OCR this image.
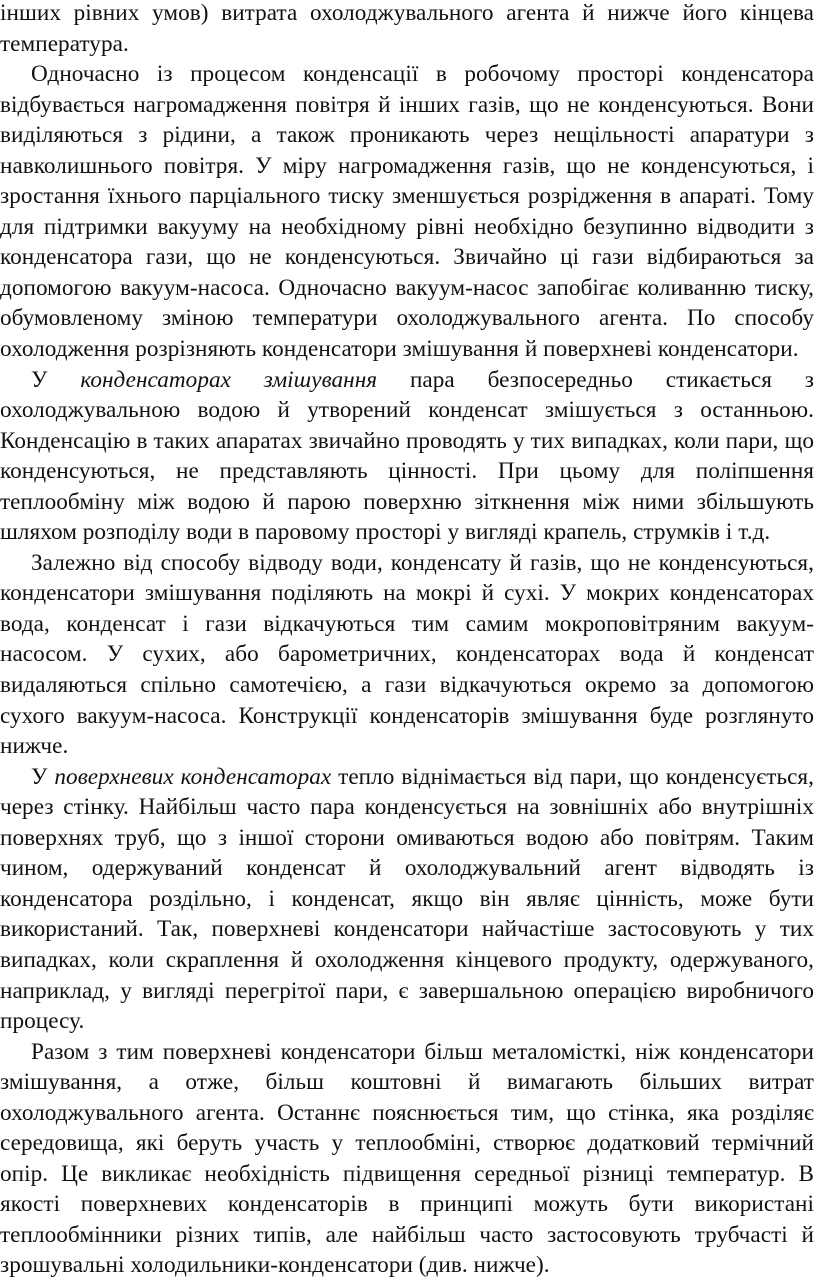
інших рівних умов) витрата охолоджувального агента й нижче його кінцева температура.

Одночасно із процесом конденсації в робочому просторі конденсатора відбувається нагромадження повітря й інших газів, що не конденсуються. Вони виділяються з рідини, а також проникають через нещільності апаратури з навколишнього повітря. У міру нагромадження газів, що не конденсуються, і зростання їхнього парціального тиску зменшується розрідження в апараті. Тому для підтримки вакууму на необхідному рівні необхідно безупинно відводити з конденсатора гази, що не конденсуються. Звичайно ці гази відбираються за допомогою вакуум-насоса. Одночасно вакуум-насос запобігає коливанню тиску, обумовленому зміною температури охолоджувального агента. По способу охолодження розрізняють конденсатори змішування й поверхневі конденсатори.

У конденсаторах змішування пара безпосередньо стикається з охолоджувальною водою й утворений конденсат змішується з останньою. Конденсацію в таких апаратах звичайно проводять у тих випадках, коли пари, що конденсуються, не представляють цінності. При цьому для поліпшення теплообміну між водою й парою поверхню зіткнення між ними збільшують шляхом розподілу води в паровому просторі у вигляді крапель, струмків і т.д.

Залежно від способу відводу води, конденсату й газів, що не конденсуються, конденсатори змішування поділяють на мокрі й сухі. У мокрих конденсаторах вода, конденсат і гази відкачуються тим самим мокроповітряним вакуум-насосом. У сухих, або барометричних, конденсаторах вода й конденсат видаляються спільно самотечією, а гази відкачуються окремо за допомогою сухого вакуум-насоса. Конструкції конденсаторів змішування буде розглянуто нижче.

У поверхневих конденсаторах тепло віднімається від пари, що конденсується, через стінку. Найбільш часто пара конденсується на зовнішніх або внутрішніх поверхнях труб, що з іншої сторони омиваються водою або повітрям. Таким чином, одержуваний конденсат й охолоджувальний агент відводять із конденсатора роздільно, і конденсат, якщо він являє цінність, може бути використаний. Так, поверхневі конденсатори найчастіше застосовують у тих випадках, коли скраплення й охолодження кінцевого продукту, одержуваного, наприклад, у вигляді перегрітої пари, є завершальною операцією виробничого процесу.

Разом з тим поверхневі конденсатори більш металомісткі, ніж конденсатори змішування, а отже, більш коштовні й вимагають більших витрат охолоджувального агента. Останнє пояснюється тим, що стінка, яка розділяє середовища, які беруть участь у теплообміні, створює додатковий термічний опір. Це викликає необхідність підвищення середньої різниці температур. В якості поверхневих конденсаторів в принципі можуть бути використані теплообмінники різних типів, але найбільш часто застосовують трубчасті й зрошувальні холодильники-конденсатори (див. нижче).
